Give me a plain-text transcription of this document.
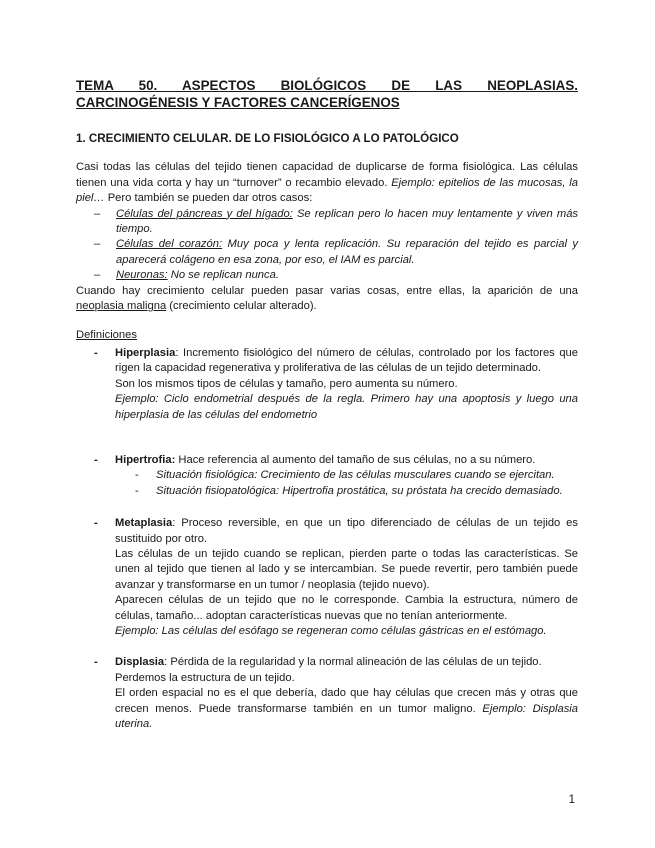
TEMA 50. ASPECTOS BIOLÓGICOS DE LAS NEOPLASIAS.

CARCINOGÉNESIS Y FACTORES CANCERÍGENOS

1. CRECIMIENTO CELULAR. DE LO FISIOLÓGICO A LO PATOLÓGICO

Casi todas las células del tejido tienen capacidad de duplicarse de forma fisiológica. Las células tienen una vida corta y hay un “turnover” o recambio elevado. Ejemplo: epitelios de las mucosas, la piel… Pero también se pueden dar otros casos:

– Células del páncreas y del hígado: Se replican pero lo hacen muy lentamente y viven más tiempo.
– Células del corazón: Muy poca y lenta replicación. Su reparación del tejido es parcial y aparecerá colágeno en esa zona, por eso, el IAM es parcial.
– Neuronas: No se replican nunca.

Cuando hay crecimiento celular pueden pasar varias cosas, entre ellas, la aparición de una neoplasia maligna (crecimiento celular alterado).

Definiciones

- Hiperplasia: Incremento fisiológico del número de células, controlado por los factores que rigen la capacidad regenerativa y proliferativa de las células de un tejido determinado.
Son los mismos tipos de células y tamaño, pero aumenta su número.
Ejemplo: Ciclo endometrial después de la regla. Primero hay una apoptosis y luego una hiperplasia de las células del endometrio
- Hipertrofia: Hace referencia al aumento del tamaño de sus células, no a su número.
- Situación fisiológica: Crecimiento de las células musculares cuando se ejercitan.
- Situación fisiopatológica: Hipertrofia prostática, su próstata ha crecido demasiado.
- Metaplasia: Proceso reversible, en que un tipo diferenciado de células de un tejido es sustituido por otro.
Las células de un tejido cuando se replican, pierden parte o todas las características. Se unen al tejido que tienen al lado y se intercambian. Se puede revertir, pero también puede avanzar y transformarse en un tumor / neoplasia (tejido nuevo).
Aparecen células de un tejido que no le corresponde. Cambia la estructura, número de células, tamaño... adoptan características nuevas que no tenían anteriormente.
Ejemplo: Las células del esófago se regeneran como células gástricas en el estómago.
- Displasia: Pérdida de la regularidad y la normal alineación de las células de un tejido.
Perdemos la estructura de un tejido.
El orden espacial no es el que debería, dado que hay células que crecen más y otras que crecen menos. Puede transformarse también en un tumor maligno. Ejemplo: Displasia uterina.
1
